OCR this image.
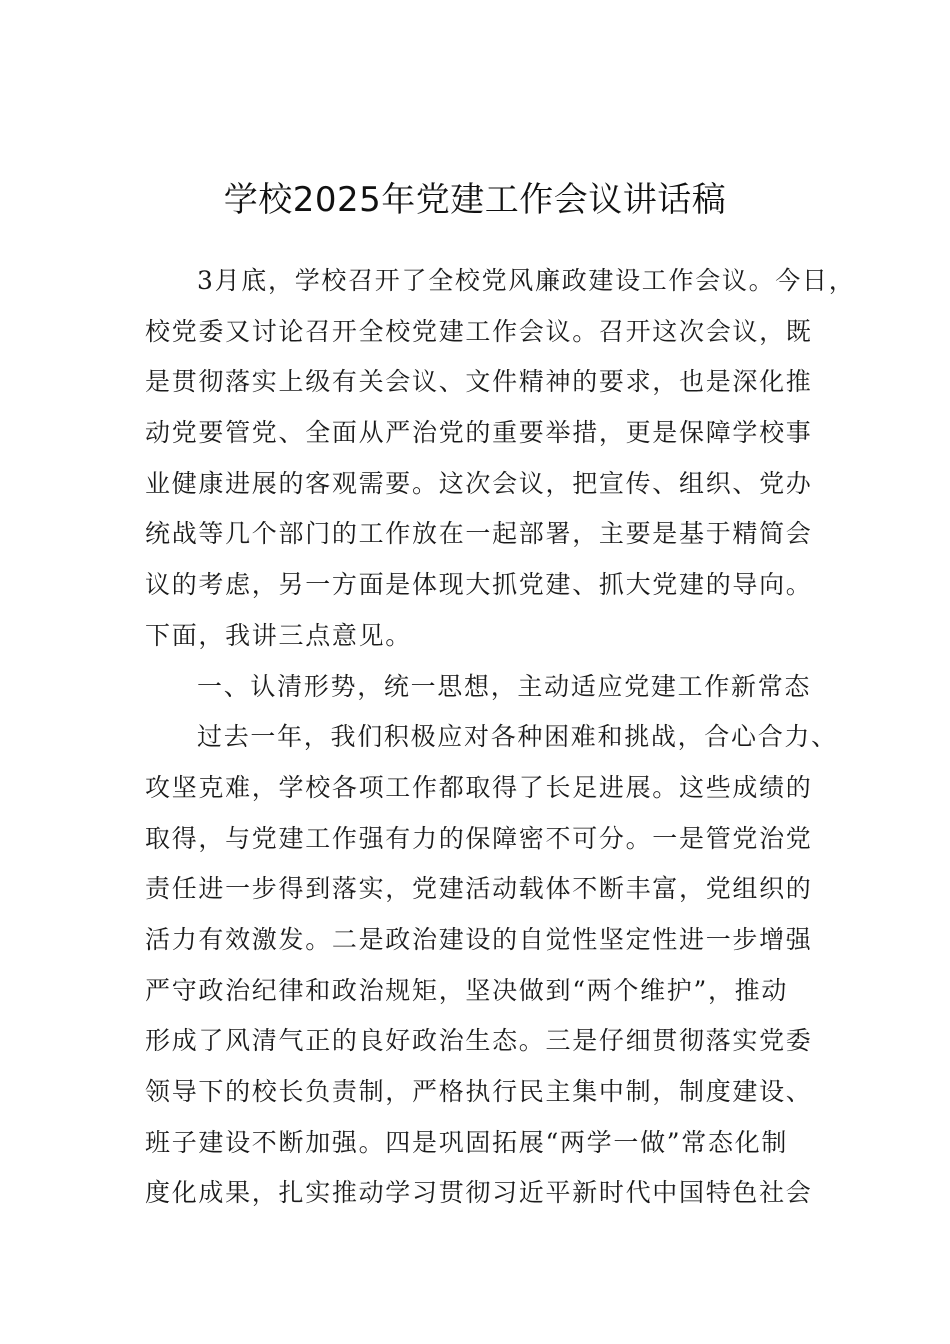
学校2025年党建工作会议讲话稿
3月底，学校召开了全校党风廉政建设工作会议。今日，
校党委又讨论召开全校党建工作会议。召开这次会议，既
是贯彻落实上级有关会议、文件精神的要求，也是深化推
动党要管党、全面从严治党的重要举措，更是保障学校事
业健康进展的客观需要。这次会议，把宣传、组织、党办
统战等几个部门的工作放在一起部署，主要是基于精简会
议的考虑，另一方面是体现大抓党建、抓大党建的导向。
下面，我讲三点意见。
一、认清形势，统一思想，主动适应党建工作新常态
过去一年，我们积极应对各种困难和挑战，合心合力、
攻坚克难，学校各项工作都取得了长足进展。这些成绩的
取得，与党建工作强有力的保障密不可分。一是管党治党
责任进一步得到落实，党建活动载体不断丰富，党组织的
活力有效激发。二是政治建设的自觉性坚定性进一步增强
严守政治纪律和政治规矩，坚决做到“两个维护”，推动
形成了风清气正的良好政治生态。三是仔细贯彻落实党委
领导下的校长负责制，严格执行民主集中制，制度建设、
班子建设不断加强。四是巩固拓展“两学一做”常态化制
度化成果，扎实推动学习贯彻习近平新时代中国特色社会
